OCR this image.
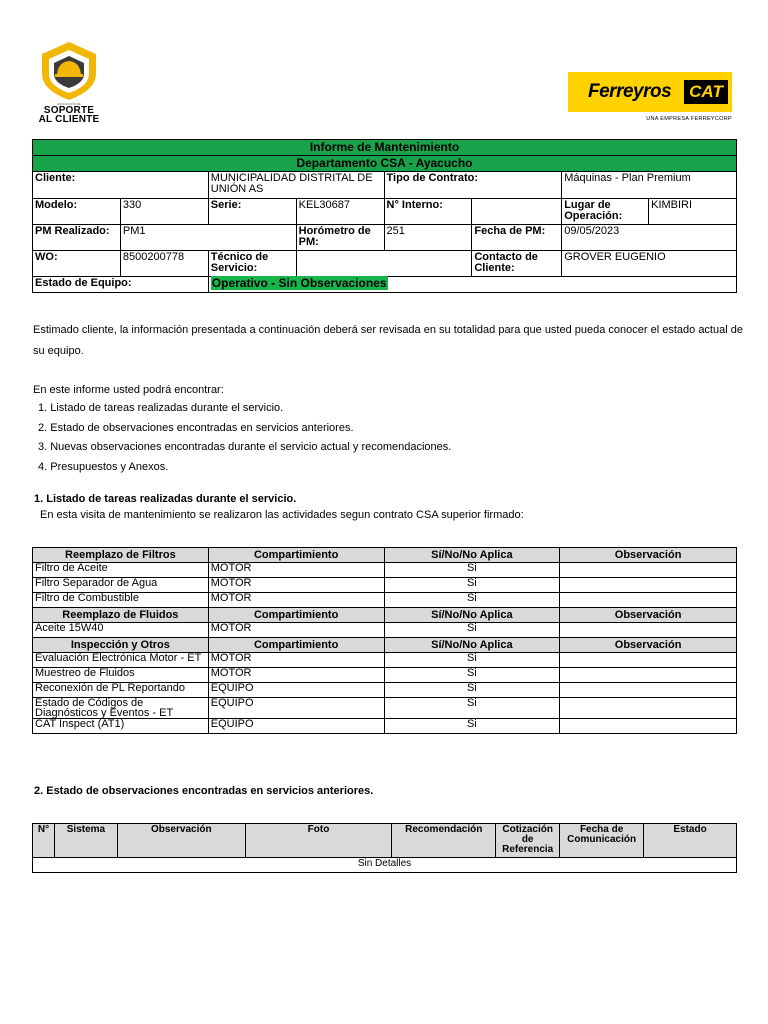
ASOCIACIÓN DE
SOPORTE
AL CLIENTE
Ferreyros	CAT
UNA EMPRESA FERREYCORP
Informe de Mantenimiento							
Departamento CSA - Ayacucho							
Cliente:		MUNICIPALIDAD DISTRITAL DE UNIÓN AS		Tipo de Contrato:		Máquinas - Plan Premium	
Modelo:	330	Serie:	KEL30687	N° Interno:		Lugar de Operación:	KIMBIRI
PM Realizado:	PM1		Horómetro de PM:	251	Fecha de PM:	09/05/2023	
WO:	8500200778	Técnico de Servicio:			Contacto de Cliente:	GROVER EUGENIO	
Estado de Equipo:		Operativo - Sin Observaciones					
Estimado cliente, la información presentada a continuación deberá ser revisada en su totalidad para que usted pueda conocer el estado actual de su equipo.
En este informe usted podrá encontrar:
1. Listado de tareas realizadas durante el servicio.
2. Estado de observaciones encontradas en servicios anteriores.
3. Nuevas observaciones encontradas durante el servicio actual y recomendaciones.
4. Presupuestos y Anexos.
1. Listado de tareas realizadas durante el servicio.
En esta visita de mantenimiento se realizaron las actividades segun contrato CSA superior firmado:
Reemplazo de Filtros	Compartimiento	Sí/No/No Aplica	Observación
Filtro de Aceite	MOTOR	Si	
Filtro Separador de Agua	MOTOR	Si	
Filtro de Combustible	MOTOR	Si	
Reemplazo de Fluidos	Compartimiento	Sí/No/No Aplica	Observación
Aceite 15W40	MOTOR	Si	
Inspección y Otros	Compartimiento	Sí/No/No Aplica	Observación
Evaluación Electrónica Motor - ET	MOTOR	Si	
Muestreo de Fluidos	MOTOR	Si	
Reconexión de PL Reportando	EQUIPO	Si	
Estado de Códigos de Diagnósticos y Eventos - ET	EQUIPO	Si	
CAT Inspect (AT1)	EQUIPO	Si	
2. Estado de observaciones encontradas en servicios anteriores.
N°	Sistema	Observación	Foto	Recomendación	Cotización de Referencia	Fecha de Comunicación	Estado
Sin Detalles
